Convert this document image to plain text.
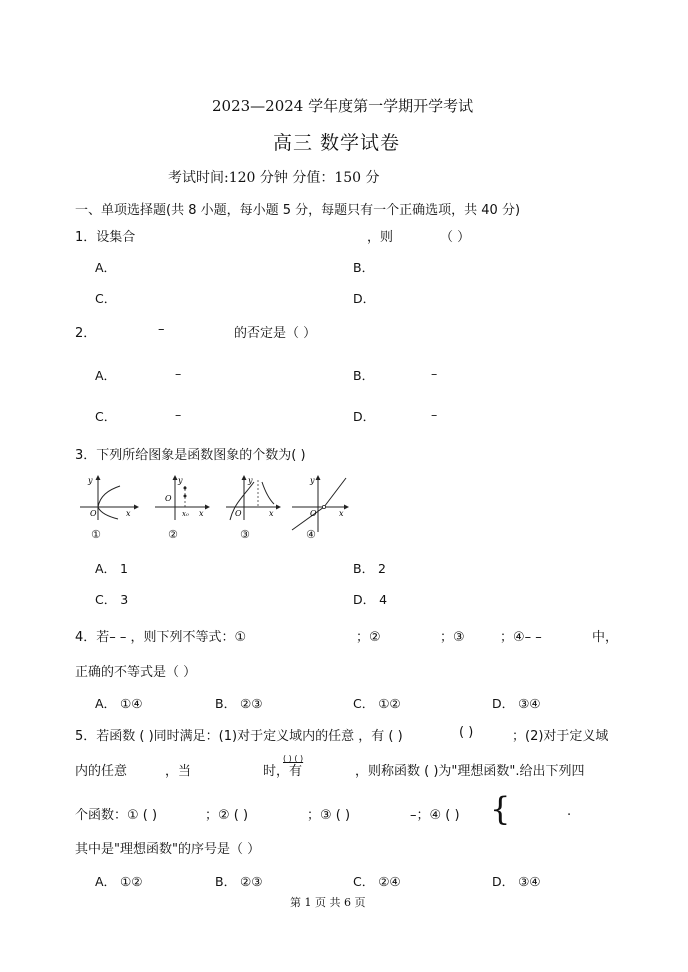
2023—2024 学年度第一学期开学考试
高三 数学试卷
考试时间:120 分钟 分值：150 分
一、单项选择题(共 8 小题，每小题 5 分，每题只有一个正确选项，共 40 分)
1．设集合	，则	（ ）
A．	B．
C．	D．
2．	–	的否定是（ ）
A．	–	B．	–
C．	–	D．	–
3．下列所给图象是函数图象的个数为( )
y
O	x
①
y
O
x₀ x
②
y
O	x
③
y
O	x
④
A． 1	B． 2
C． 3	D． 4
4．若– – ，则下列不等式：①	；②	；③	；④– –	中，
正确的不等式是（ ）
A． ①④	B． ②③	C． ①②	D． ③④
5．若函数 ( )同时满足：(1)对于定义域内的任意 ，有 ( )	( )	；(2)对于定义域
内的任意	，当	时，有
( ) ( )
，则称函数 ( )为"理想函数".给出下列四
个函数：① ( )	；② ( )	；③ ( )	–；④ ( ) {	.
其中是"理想函数"的序号是（ ）
A． ①②	B． ②③	C． ②④	D． ③④
第 1 页 共 6 页
